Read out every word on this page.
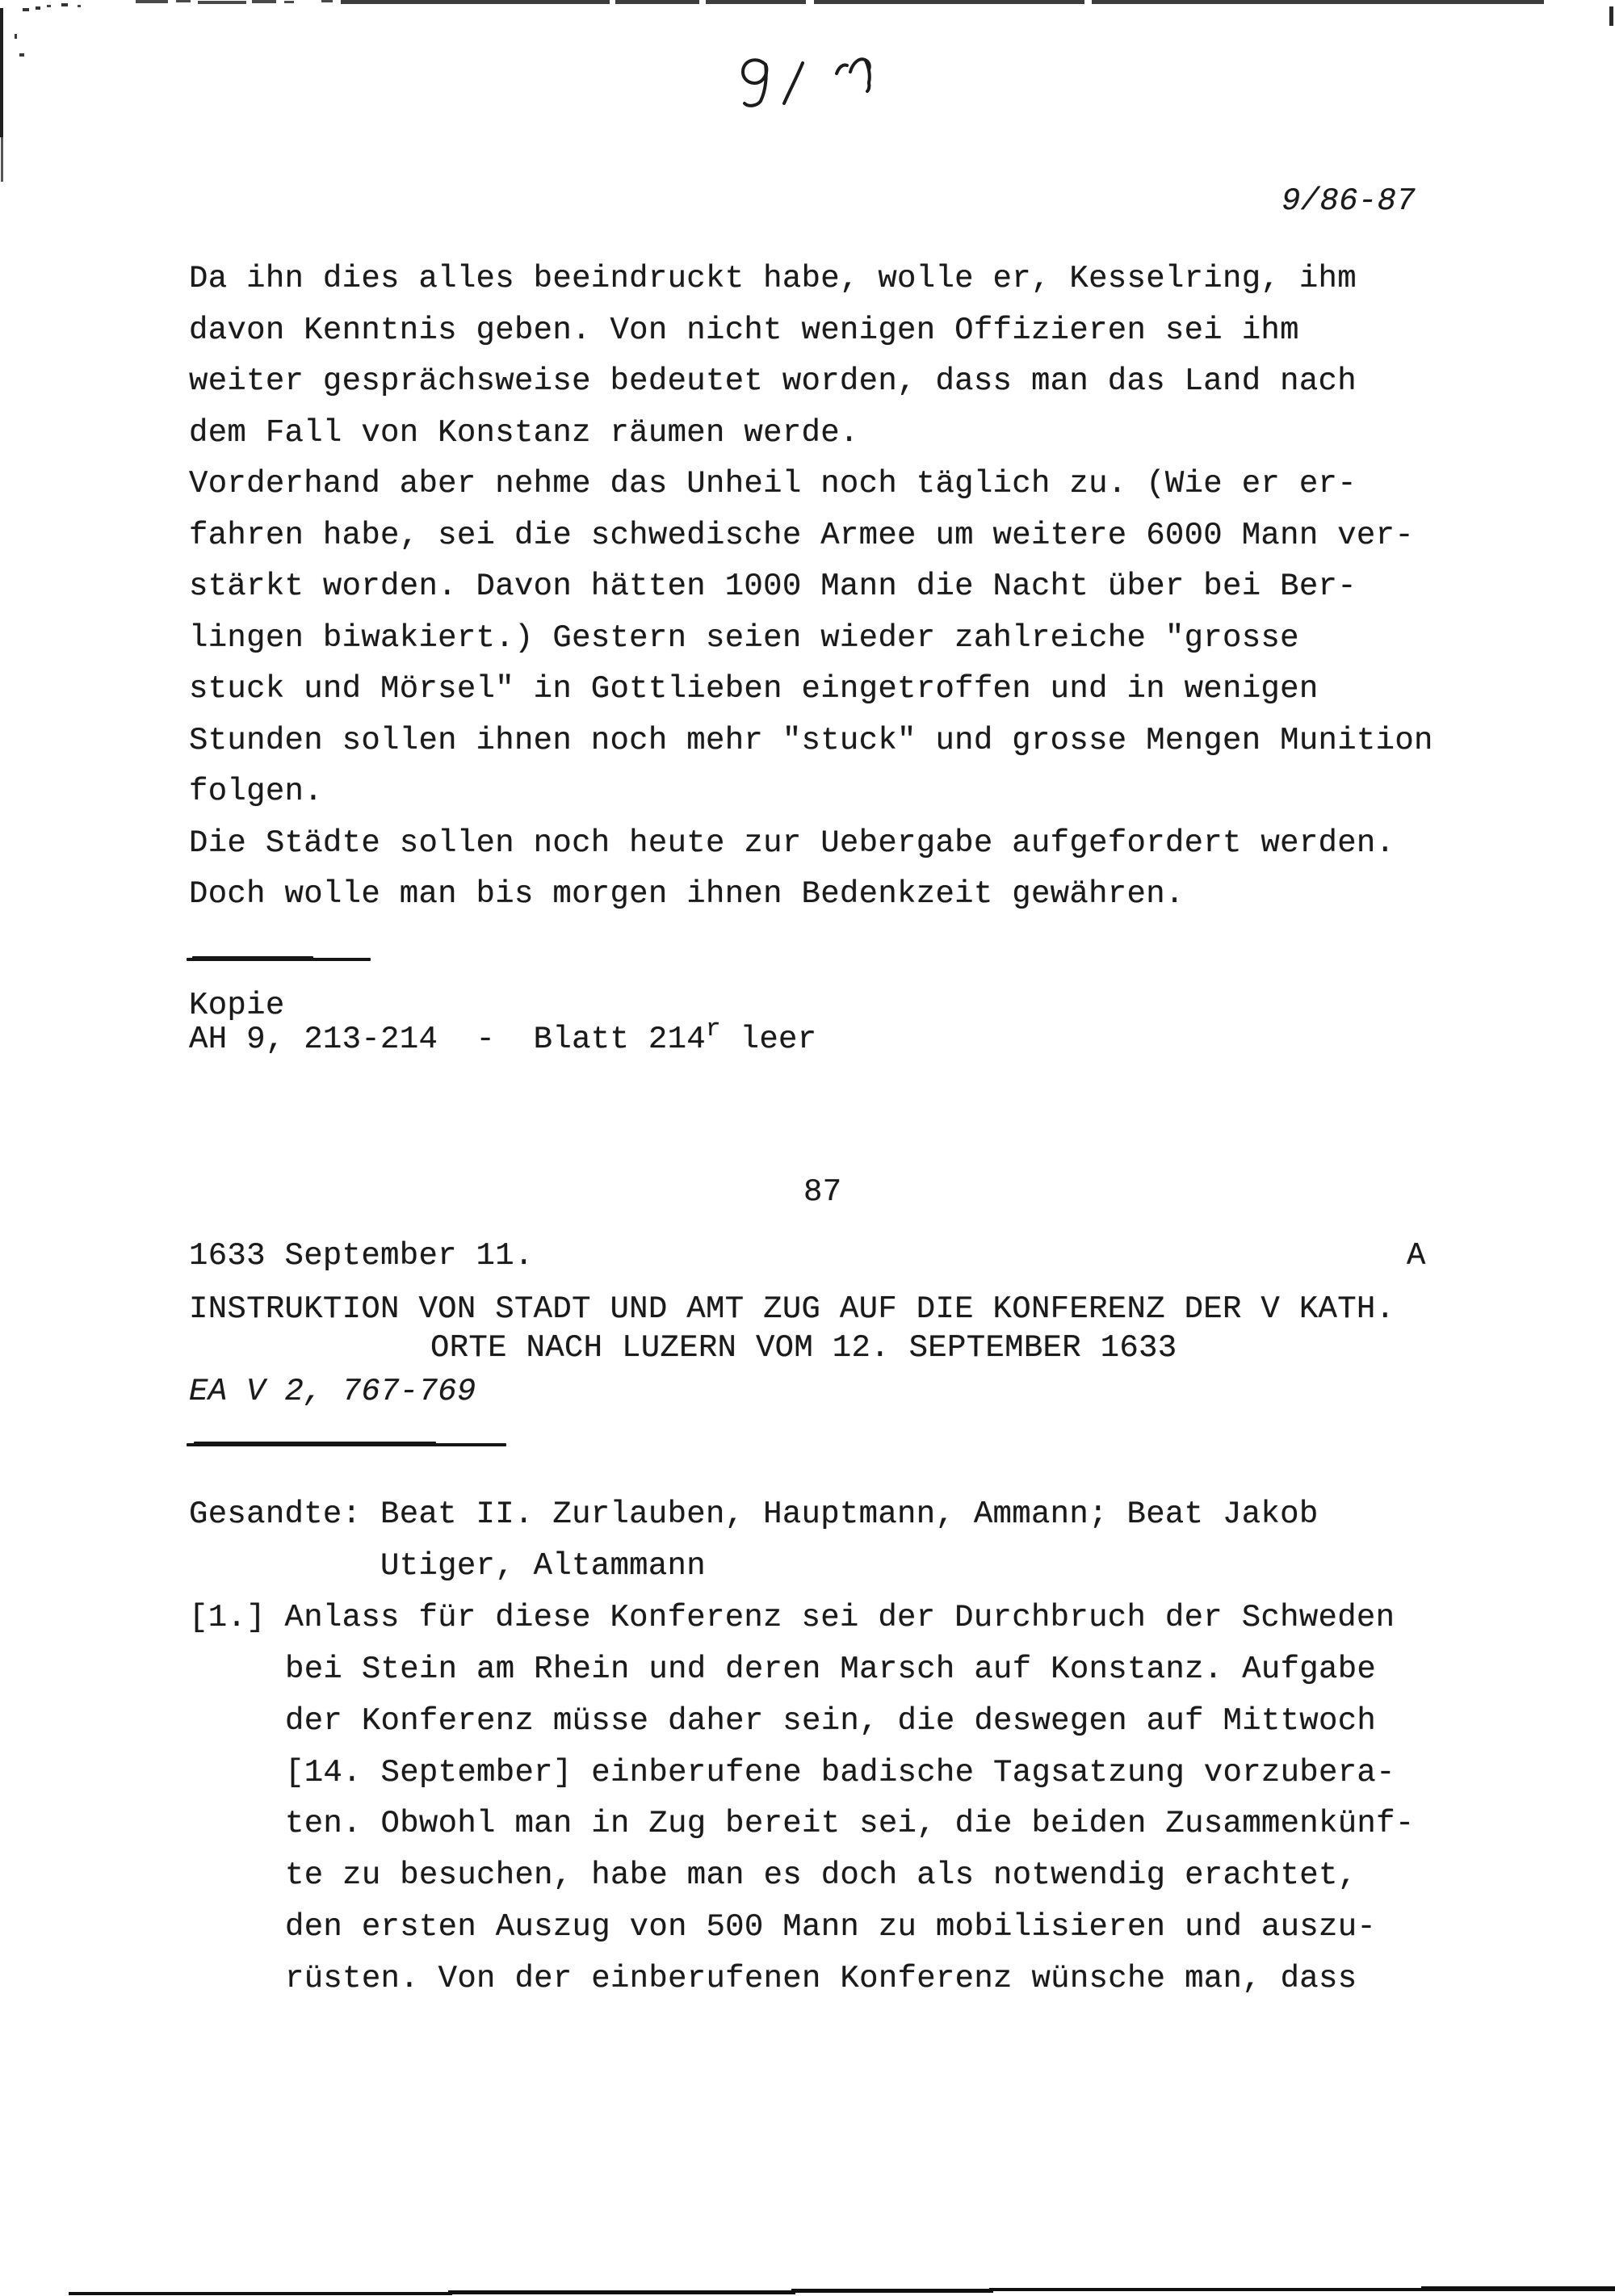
9/86-87
Da ihn dies alles beeindruckt habe, wolle er, Kesselring, ihm
davon Kenntnis geben. Von nicht wenigen Offizieren sei ihm
weiter gesprächsweise bedeutet worden, dass man das Land nach
dem Fall von Konstanz räumen werde.
Vorderhand aber nehme das Unheil noch täglich zu. (Wie er er-
fahren habe, sei die schwedische Armee um weitere 6000 Mann ver-
stärkt worden. Davon hätten 1000 Mann die Nacht über bei Ber-
lingen biwakiert.) Gestern seien wieder zahlreiche "grosse
stuck und Mörsel" in Gottlieben eingetroffen und in wenigen
Stunden sollen ihnen noch mehr "stuck" und grosse Mengen Munition
folgen.
Die Städte sollen noch heute zur Uebergabe aufgefordert werden.
Doch wolle man bis morgen ihnen Bedenkzeit gewähren.
Kopie
AH 9, 213-214  -  Blatt 214$^r$ leer
87
1633 September 11.	A
INSTRUKTION VON STADT UND AMT ZUG AUF DIE KONFERENZ DER V KATH.
ORTE NACH LUZERN VOM 12. SEPTEMBER 1633
EA V 2, 767-769
Gesandte: Beat II. Zurlauben, Hauptmann, Ammann; Beat Jakob
Utiger, Altammann
[1.] Anlass für diese Konferenz sei der Durchbruch der Schweden
bei Stein am Rhein und deren Marsch auf Konstanz. Aufgabe
der Konferenz müsse daher sein, die deswegen auf Mittwoch
[14. September] einberufene badische Tagsatzung vorzubera-
ten. Obwohl man in Zug bereit sei, die beiden Zusammenkünf-
te zu besuchen, habe man es doch als notwendig erachtet,
den ersten Auszug von 500 Mann zu mobilisieren und auszu-
rüsten. Von der einberufenen Konferenz wünsche man, dass
